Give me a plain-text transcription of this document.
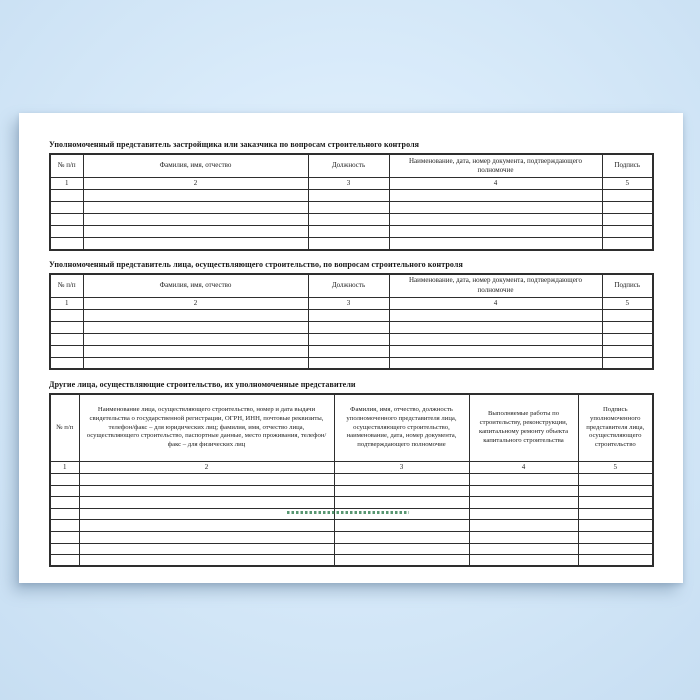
Уполномоченный представитель застройщика или заказчика по вопросам строительного контроля
№ п/п	Фамилия, имя, отчество	Должность	Наименование, дата, номер документа, подтверждающего полномочие	Подпись
1	2	3	4	5

Уполномоченный представитель лица, осуществляющего строительство, по вопросам строительного контроля
№ п/п	Фамилия, имя, отчество	Должность	Наименование, дата, номер документа, подтверждающего полномочие	Подпись
1	2	3	4	5

Другие лица, осуществляющие строительство, их уполномоченные представители
№ п/п	Наименование лица, осуществляющего строительство, номер и дата выдачи свидетельства о государственной регистрации, ОГРН, ИНН, почтовые реквизиты, телефон/факс – для юридических лиц; фамилия, имя, отчество лица, осуществляющего строительство, паспортные данные, место проживания, телефон/факс – для физических лиц	Фамилия, имя, отчество, должность уполномоченного представителя лица, осуществляющего строительство, наименование, дата, номер документа, подтверждающего полномочие	Выполняемые работы по строительству, реконструкции, капитальному ремонту объекта капитального строительства	Подпись уполномоченного представителя лица, осуществляющего строительство
1	2	3	4	5
